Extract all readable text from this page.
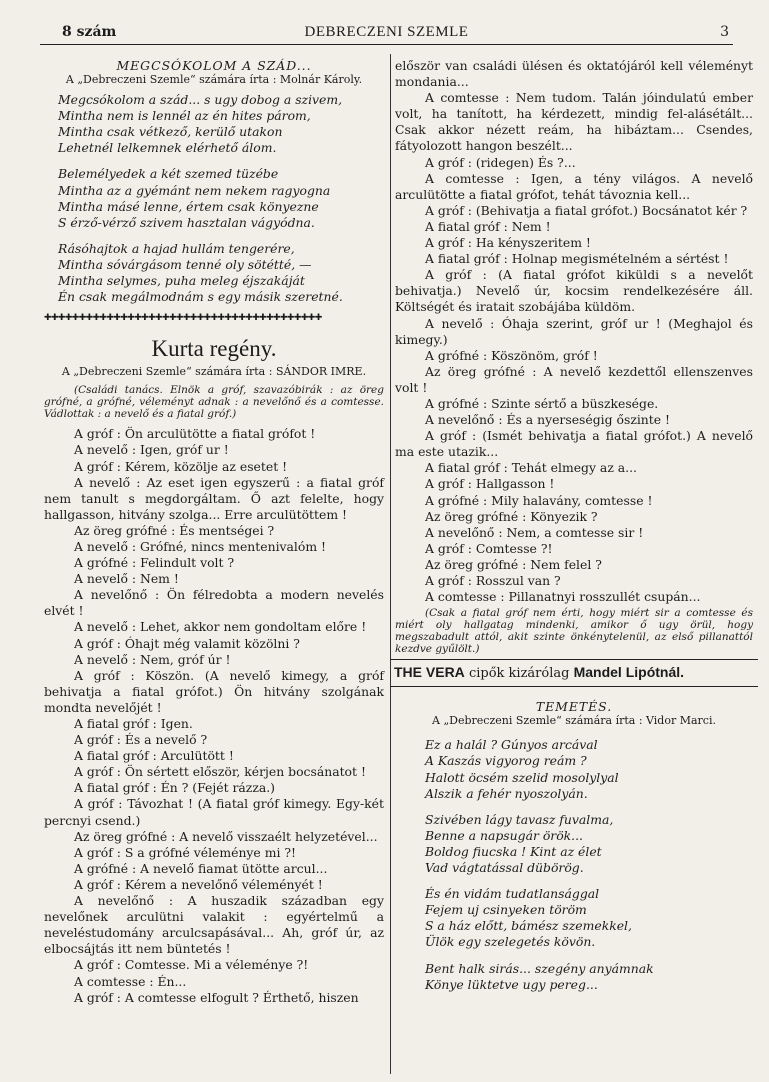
8 szám	DEBRECZENI SZEMLE	3

MEGCSÓKOLOM A SZÁD...

A „Debreczeni Szemle“ számára írta : Molnár Károly.

Megcsókolom a szád... s ugy dobog a szivem,

Mintha nem is lennél az én hites párom,

Mintha csak vétkező, kerülő utakon

Lehetnél lelkemnek elérhető álom.

Belemélyedek a két szemed tüzébe

Mintha az a gyémánt nem nekem ragyogna

Mintha másé lenne, értem csak könyezne

S érző-vérző szivem hasztalan vágyódna.

Rásóhajtok a hajad hullám tengerére,

Mintha sóvárgásom tenné oly sötétté, —

Mintha selymes, puha meleg éjszakáját

Én csak megálmodnám s egy másik szeretné.

✚✚✚✚✚✚✚✚✚✚✚✚✚✚✚✚✚✚✚✚✚✚✚✚✚✚✚✚✚✚✚✚✚✚✚✚✚✚✚✚
Kurta regény.

A „Debreczeni Szemle“ számára írta : SÁNDOR IMRE.

(Családi tanács. Elnök a gróf, szavazóbirák : az öreg grófné, a grófné, véleményt adnak : a nevelőnő és a comtesse. Vádlottak : a nevelő és a fiatal gróf.)

A gróf : Ön arculütötte a fiatal grófot !

A nevelő : Igen, gróf ur !

A gróf : Kérem, közölje az esetet !

A nevelő : Az eset igen egyszerű : a fiatal gróf nem tanult s megdorgáltam. Ő azt felelte, hogy hallgasson, hitvány szolga... Erre arculütöttem !

Az öreg grófné : És mentségei ?

A nevelő : Grófné, nincs mentenivalóm !

A grófné : Felindult volt ?

A nevelő : Nem !

A nevelőnő : Ön félredobta a modern nevelés elvét !

A nevelő : Lehet, akkor nem gondoltam előre !

A gróf : Óhajt még valamit közölni ?

A nevelő : Nem, gróf úr !

A gróf : Köszön. (A nevelő kimegy, a gróf behivatja a fiatal grófot.) Ön hitvány szolgának mondta nevelőjét !

A fiatal gróf : Igen.

A gróf : És a nevelő ?

A fiatal gróf : Arculütött !

A gróf : Ön sértett először, kérjen bocsánatot !

A fiatal gróf : Én ? (Fejét rázza.)

A gróf : Távozhat ! (A fiatal gróf kimegy. Egy-két percnyi csend.)

Az öreg grófné : A nevelő visszaélt helyzetével...

A gróf : S a grófné véleménye mi ?!

A grófné : A nevelő fiamat ütötte arcul...

A gróf : Kérem a nevelőnő véleményét !

A nevelőnő : A huszadik században egy nevelőnek arculütni valakit : egyértelmű a neveléstudomány arculcsapásával... Ah, gróf úr, az elbocsájtás itt nem büntetés !

A gróf : Comtesse. Mi a véleménye ?!

A comtesse : Én...

A gróf : A comtesse elfogult ? Érthető, hiszen

először van családi ülésen és oktatójáról kell véleményt mondania...

A comtesse : Nem tudom. Talán jóindulatú ember volt, ha tanított, ha kérdezett, mindig fel-alásétált... Csak akkor nézett reám, ha hibáztam... Csendes, fátyolozott hangon beszélt...

A gróf : (ridegen) És ?...

A comtesse : Igen, a tény világos. A nevelő arculütötte a fiatal grófot, tehát távoznia kell...

A gróf : (Behivatja a fiatal grófot.) Bocsánatot kér ?

A fiatal gróf : Nem !

A gróf : Ha kényszeritem !

A fiatal gróf : Holnap megismételném a sértést !

A gróf : (A fiatal grófot kiküldi s a nevelőt behivatja.) Nevelő úr, kocsim rendelkezésére áll. Költségét és iratait szobájába küldöm.

A nevelő : Óhaja szerint, gróf ur ! (Meghajol és kimegy.)

A grófné : Köszönöm, gróf !

Az öreg grófné : A nevelő kezdettől ellenszenves volt !

A grófné : Szinte sértő a büszkesége.

A nevelőnő : És a nyerseségig őszinte !

A gróf : (Ismét behivatja a fiatal grófot.) A nevelő ma este utazik...

A fiatal gróf : Tehát elmegy az a...

A gróf : Hallgasson !

A grófné : Mily halavány, comtesse !

Az öreg grófné : Könyezik ?

A nevelőnő : Nem, a comtesse sir !

A gróf : Comtesse ?!

Az öreg grófné : Nem felel ?

A gróf : Rosszul van ?

A comtesse : Pillanatnyi rosszullét csupán...

(Csak a fiatal gróf nem érti, hogy miért sir a comtesse és miért oly hallgatag mindenki, amikor ő ugy örül, hogy megszabadult attól, akit szinte önkénytelenül, az első pillanattól kezdve gyűlölt.)

THE VERA cipők kizárólag Mandel Lipótnál.

TEMETÉS.

A „Debreczeni Szemle“ számára írta : Vidor Marci.

Ez a halál ? Gúnyos arcával

A Kaszás vigyorog reám ?

Halott öcsém szelid mosolylyal

Alszik a fehér nyoszolyán.

Szivében lágy tavasz fuvalma,

Benne a napsugár örök...

Boldog fiucska ! Kint az élet

Vad vágtatással dübörög.

És én vidám tudatlansággal

Fejem uj csinyeken töröm

S a ház előtt, bámész szemekkel,

Ülök egy szelegetés kövön.

Bent halk sirás... szegény anyámnak

Könye lüktetve ugy pereg...
